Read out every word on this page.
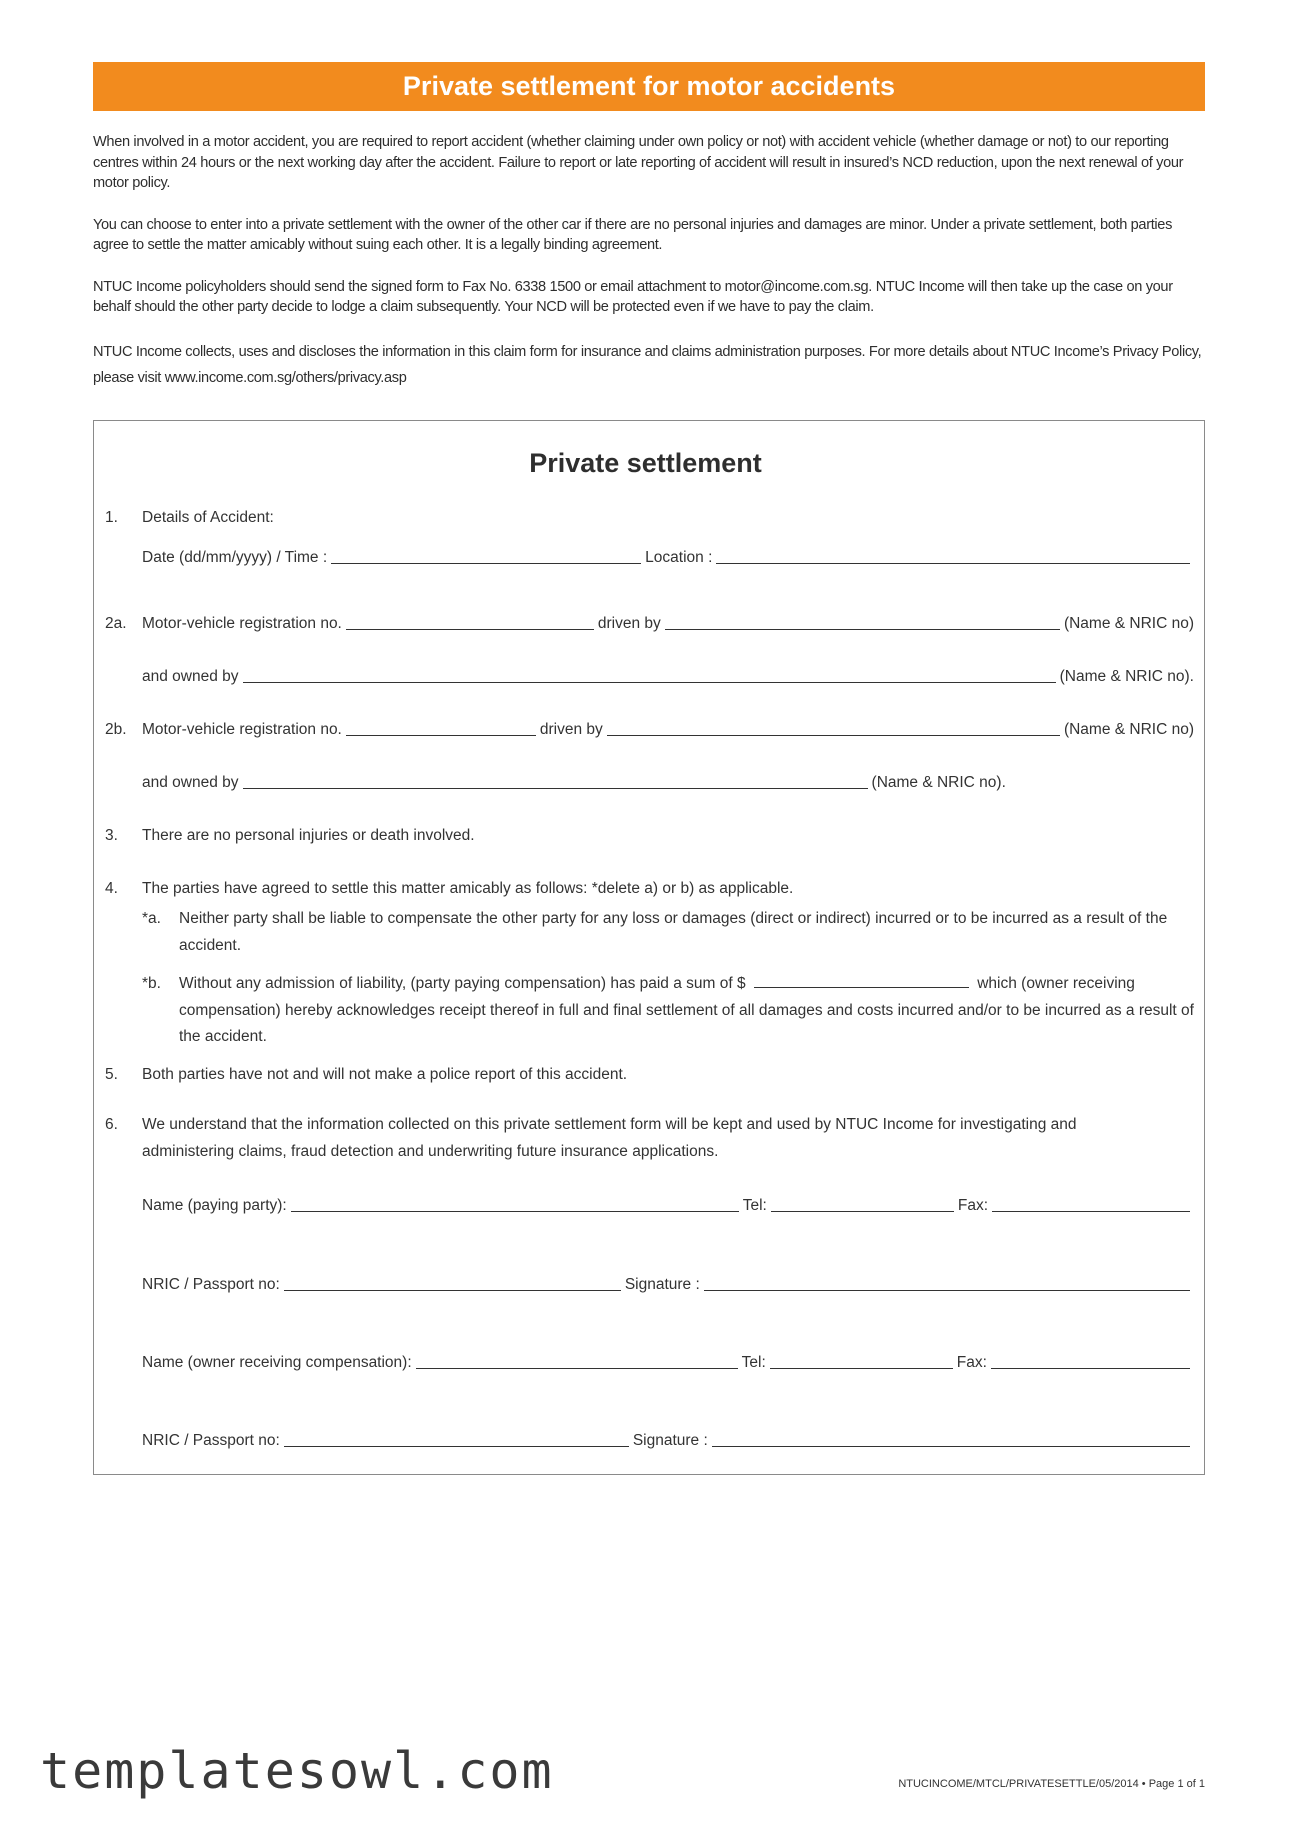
Private settlement for motor accidents

When involved in a motor accident, you are required to report accident (whether claiming under own policy or not) with accident vehicle (whether damage or not) to our reporting centres within 24 hours or the next working day after the accident. Failure to report or late reporting of accident will result in insured’s NCD reduction, upon the next renewal of your motor policy.

You can choose to enter into a private settlement with the owner of the other car if there are no personal injuries and damages are minor. Under a private settlement, both parties agree to settle the matter amicably without suing each other. It is a legally binding agreement.

NTUC Income policyholders should send the signed form to Fax No. 6338 1500 or email attachment to motor@income.com.sg. NTUC Income will then take up the case on your behalf should the other party decide to lodge a claim subsequently. Your NCD will be protected even if we have to pay the claim.

NTUC Income collects, uses and discloses the information in this claim form for insurance and claims administration purposes. For more details about NTUC Income’s Privacy Policy, please visit www.income.com.sg/others/privacy.asp

Private settlement
1.	Details of Accident:
Date (dd/mm/yyyy) / Time :	Location :
2a. Motor-vehicle registration no.	driven by	(Name & NRIC no)
and owned by	(Name & NRIC no).
2b. Motor-vehicle registration no.	driven by	(Name & NRIC no)
and owned by	(Name & NRIC no).
3.	There are no personal injuries or death involved.
4.	The parties have agreed to settle this matter amicably as follows: *delete a) or b) as applicable.
*a. Neither party shall be liable to compensate the other party for any loss or damages (direct or indirect) incurred or to be incurred as a result of the accident.
*b. Without any admission of liability, (party paying compensation) has paid a sum of $	which (owner receiving compensation) hereby acknowledges receipt thereof in full and final settlement of all damages and costs incurred and/or to be incurred as a result of the accident.
5.	Both parties have not and will not make a police report of this accident.
6. We understand that the information collected on this private settlement form will be kept and used by NTUC Income for investigating and administering claims, fraud detection and underwriting future insurance applications.
Name (paying party):	Tel:	Fax:
NRIC / Passport no:	Signature :
Name (owner receiving compensation):	Tel:	Fax:
NRIC / Passport no:	Signature :
templatesowl.com	NTUCINCOME/MTCL/PRIVATESETTLE/05/2014 • Page 1 of 1
